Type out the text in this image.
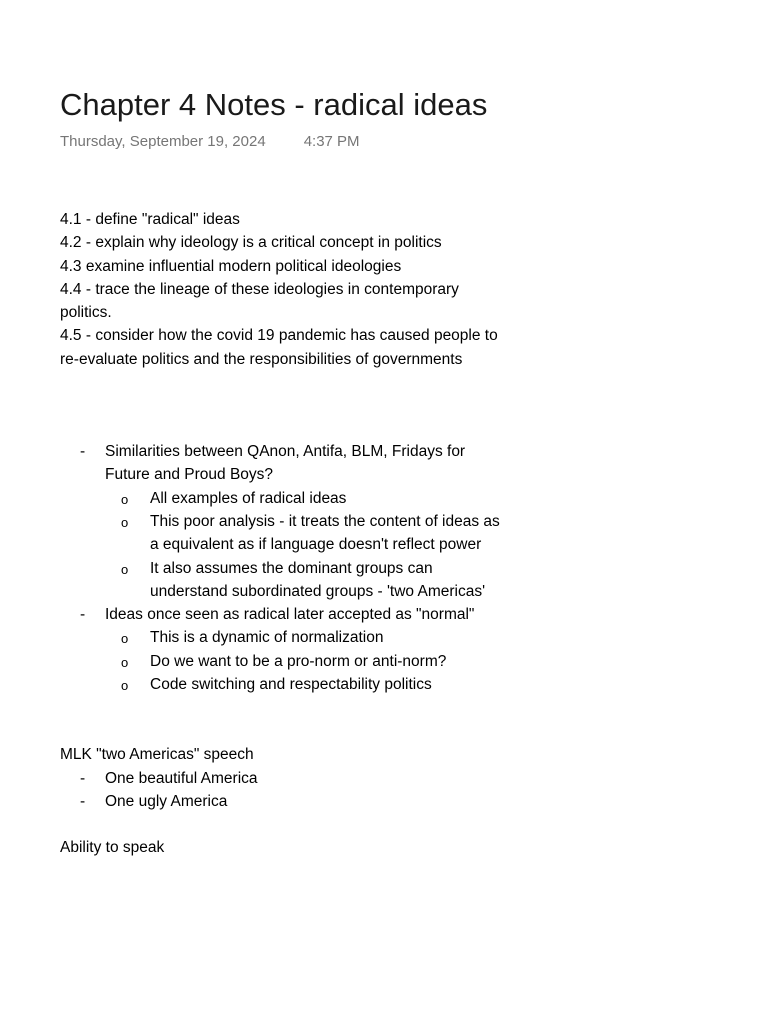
Chapter 4 Notes - radical ideas
Thursday, September 19, 2024	4:37 PM

4.1 - define "radical" ideas

4.2 - explain why ideology is a critical concept in politics

4.3 examine influential modern political ideologies

4.4 - trace the lineage of these ideologies in contemporary politics.

4.5 - consider how the covid 19 pandemic has caused people to re-evaluate politics and the responsibilities of governments

- Similarities between QAnon, Antifa, BLM, Fridays for Future and Proud Boys?
o All examples of radical ideas
o This poor analysis - it treats the content of ideas as a equivalent as if language doesn't reflect power
o It also assumes the dominant groups can understand subordinated groups - 'two Americas'
- Ideas once seen as radical later accepted as "normal"
o This is a dynamic of normalization
o Do we want to be a pro-norm or anti-norm?
o Code switching and respectability politics

MLK "two Americas" speech

- One beautiful America
- One ugly America

Ability to speak
